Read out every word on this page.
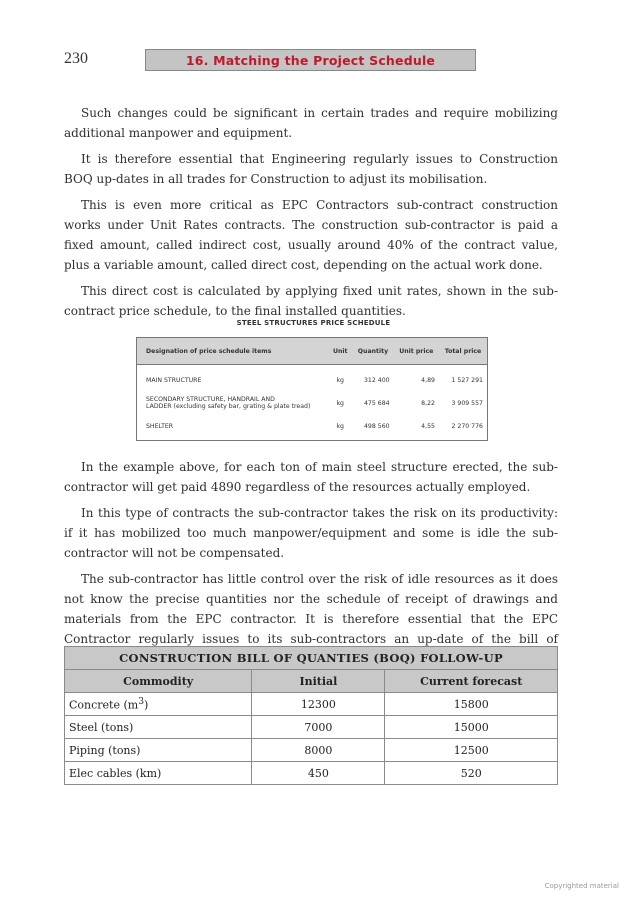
230	16. Matching the Project Schedule

Such changes could be significant in certain trades and require mobilizing additional manpower and equipment.

It is therefore essential that Engineering regularly issues to Construction BOQ up-dates in all trades for Construction to adjust its mobilisation.

This is even more critical as EPC Contractors sub-contract construction works under Unit Rates contracts. The construction sub-contractor is paid a fixed amount, called indirect cost, usually around 40% of the contract value, plus a variable amount, called direct cost, depending on the actual work done.

This direct cost is calculated by applying fixed unit rates, shown in the sub-contract price schedule, to the final installed quantities.

STEEL STRUCTURES PRICE SCHEDULE
Designation of price schedule items	Unit	Quantity	Unit price	Total price
MAIN STRUCTURE	kg	312 400	4,89	1 527 291

SECONDARY STRUCTURE, HANDRAIL AND
LADDER (excluding safety bar, grating & plate tread)	kg	475 684	8,22	3 909 557
SHELTER	kg	498 560	4,55	2 270 776

In the example above, for each ton of main steel structure erected, the sub-contractor will get paid 4890 regardless of the resources actually employed.

In this type of contracts the sub-contractor takes the risk on its productivity: if it has mobilized too much manpower/equipment and some is idle the sub-contractor will not be compensated.

The sub-contractor has little control over the risk of idle resources as it does not know the precise quantities nor the schedule of receipt of drawings and materials from the EPC contractor. It is therefore essential that the EPC Contractor regularly issues to its sub-contractors an up-date of the bill of

CONSTRUCTION BILL OF QUANTIES (BOQ) FOLLOW-UP		
Commodity	Initial	Current forecast
Concrete $(m^3)$	12300	15800
Steel (tons)	7000	15000
Piping (tons)	8000	12500
Elec cables (km)	450	520
Copyrighted material
